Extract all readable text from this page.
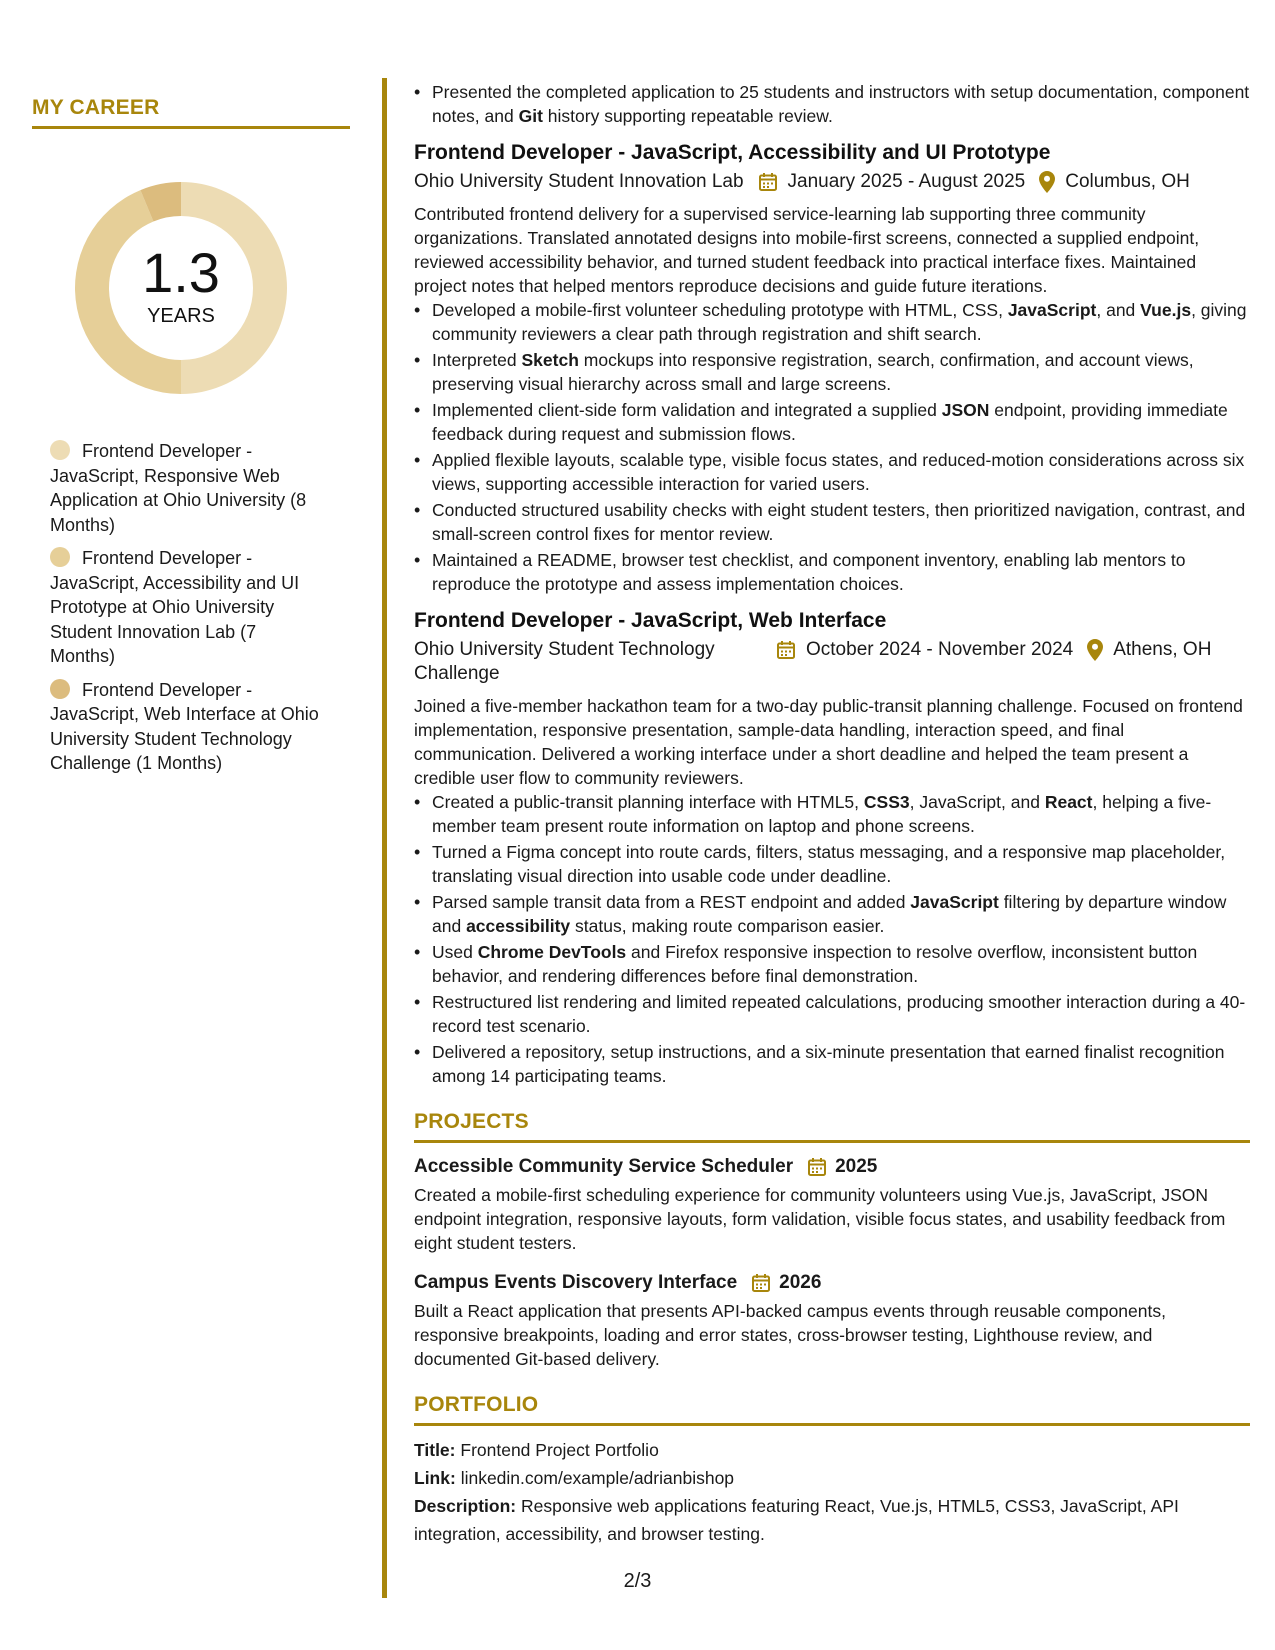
MY CAREER
1.3
YEARS
Frontend Developer - JavaScript, Responsive Web Application at Ohio University (8 Months)
Frontend Developer - JavaScript, Accessibility and UI Prototype at Ohio University Student Innovation Lab (7 Months)
Frontend Developer - JavaScript, Web Interface at Ohio University Student Technology Challenge (1 Months)
• Presented the completed application to 25 students and instructors with setup documentation, component notes, and Git history supporting repeatable review.
Frontend Developer - JavaScript, Accessibility and UI Prototype
Ohio University Student Innovation Lab January 2025 - August 2025 Columbus, OH
Contributed frontend delivery for a supervised service-learning lab supporting three community organizations. Translated annotated designs into mobile-first screens, connected a supplied endpoint, reviewed accessibility behavior, and turned student feedback into practical interface fixes. Maintained project notes that helped mentors reproduce decisions and guide future iterations.
• Developed a mobile-first volunteer scheduling prototype with HTML, CSS, JavaScript, and Vue.js, giving community reviewers a clear path through registration and shift search.
• Interpreted Sketch mockups into responsive registration, search, confirmation, and account views, preserving visual hierarchy across small and large screens.
• Implemented client-side form validation and integrated a supplied JSON endpoint, providing immediate feedback during request and submission flows.
• Applied flexible layouts, scalable type, visible focus states, and reduced-motion considerations across six views, supporting accessible interaction for varied users.
• Conducted structured usability checks with eight student testers, then prioritized navigation, contrast, and small-screen control fixes for mentor review.
• Maintained a README, browser test checklist, and component inventory, enabling lab mentors to reproduce the prototype and assess implementation choices.
Frontend Developer - JavaScript, Web Interface
Ohio University Student Technology Challenge
October 2024 - November 2024 Athens, OH
Joined a five-member hackathon team for a two-day public-transit planning challenge. Focused on frontend implementation, responsive presentation, sample-data handling, interaction speed, and final communication. Delivered a working interface under a short deadline and helped the team present a credible user flow to community reviewers.
• Created a public-transit planning interface with HTML5, CSS3, JavaScript, and React, helping a five-member team present route information on laptop and phone screens.
• Turned a Figma concept into route cards, filters, status messaging, and a responsive map placeholder, translating visual direction into usable code under deadline.
• Parsed sample transit data from a REST endpoint and added JavaScript filtering by departure window and accessibility status, making route comparison easier.
• Used Chrome DevTools and Firefox responsive inspection to resolve overflow, inconsistent button behavior, and rendering differences before final demonstration.
• Restructured list rendering and limited repeated calculations, producing smoother interaction during a 40-record test scenario.
• Delivered a repository, setup instructions, and a six-minute presentation that earned finalist recognition among 14 participating teams.
PROJECTS
Accessible Community Service Scheduler 2025
Created a mobile-first scheduling experience for community volunteers using Vue.js, JavaScript, JSON endpoint integration, responsive layouts, form validation, visible focus states, and usability feedback from eight student testers.
Campus Events Discovery Interface 2026
Built a React application that presents API-backed campus events through reusable components, responsive breakpoints, loading and error states, cross-browser testing, Lighthouse review, and documented Git-based delivery.
PORTFOLIO
Title: Frontend Project Portfolio
Link: linkedin.com/example/adrianbishop
Description: Responsive web applications featuring React, Vue.js, HTML5, CSS3, JavaScript, API integration, accessibility, and browser testing.
2/3
